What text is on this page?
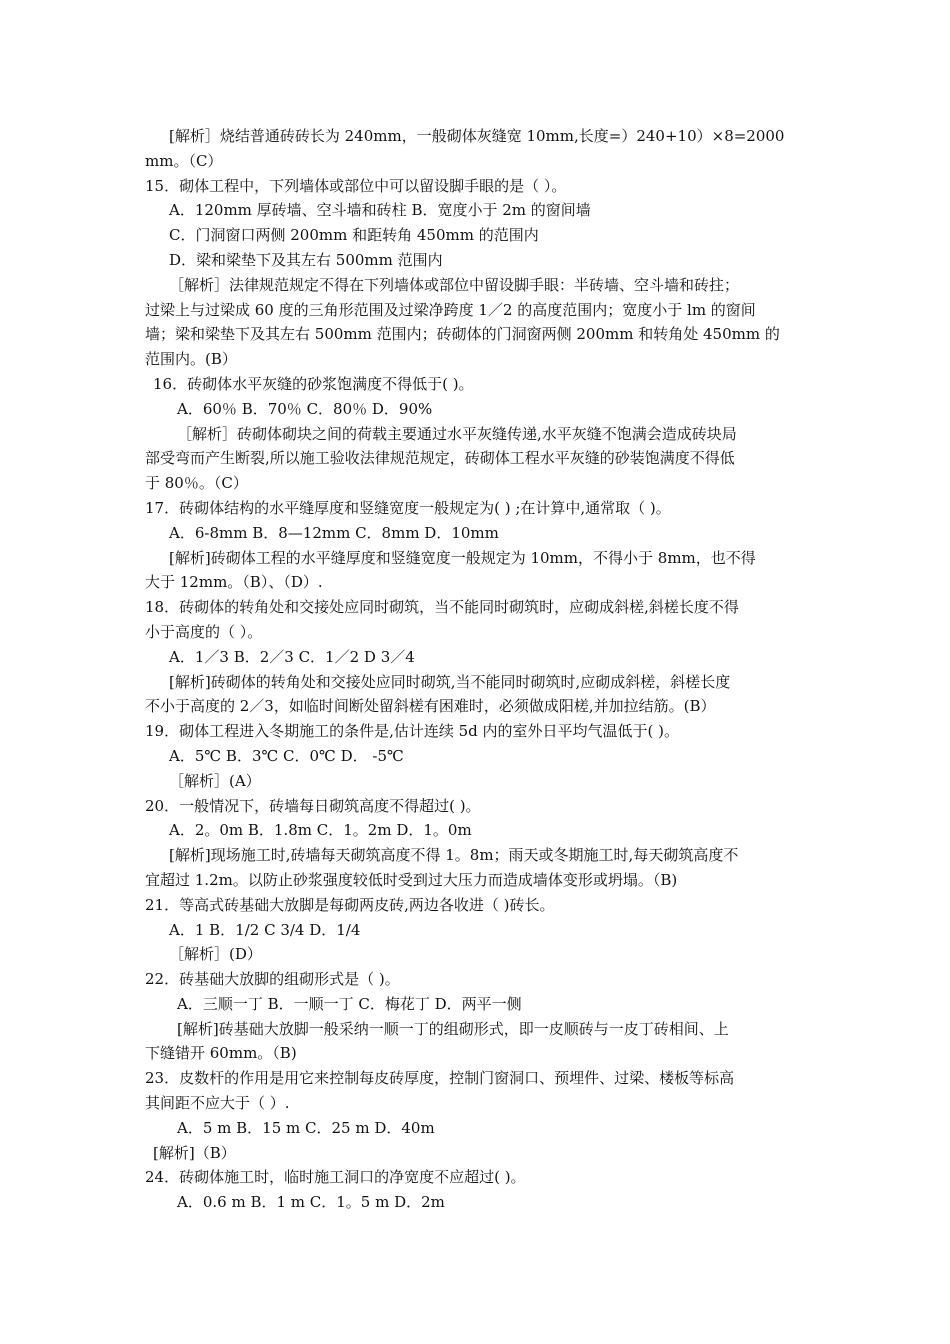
[解析］烧结普通砖砖长为 240mm，一般砌体灰缝宽 10mm,长度=）240+10）×8=2000
mm。（C）
15．砌体工程中，下列墙体或部位中可以留设脚手眼的是（ ）。
A．120mm 厚砖墙、空斗墙和砖柱 B．宽度小于 2m 的窗间墙
C．门洞窗口两侧 200mm 和距转角 450mm 的范围内
D．梁和梁垫下及其左右 500mm 范围内
［解析］法律规范规定不得在下列墙体或部位中留设脚手眼：半砖墙、空斗墙和砖拄；
过梁上与过梁成 60 度的三角形范围及过梁净跨度 1／2 的高度范围内；宽度小于 lm 的窗间
墙；梁和梁垫下及其左右 500mm 范围内；砖砌体的门洞窗两侧 200mm 和转角处 450mm 的
范围内。(B）
16．砖砌体水平灰缝的砂浆饱满度不得低于( )。
A．60％ B．70％ C．80％ D．90%
［解析］砖砌体砌块之间的荷载主要通过水平灰缝传递,水平灰缝不饱满会造成砖块局
部受弯而产生断裂,所以施工验收法律规范规定，砖砌体工程水平灰缝的砂装饱满度不得低
于 80％。（C）
17．砖砌体结构的水平缝厚度和竖缝宽度一般规定为( ) ;在计算中,通常取（ )。
A．6-8mm B．8—12mm C．8mm D．10mm
[解析]砖砌体工程的水平缝厚度和竖缝宽度一般规定为 10mm，不得小于 8mm，也不得
大于 12mm。（B）、（D）.
18．砖砌体的转角处和交接处应同时砌筑，当不能同时砌筑时，应砌成斜槎,斜槎长度不得
小于高度的（ ）。
A．1／3 B．2／3 C．1／2 D 3／4
[解析]砖砌体的转角处和交接处应同时砌筑,当不能同时砌筑时,应砌成斜槎，斜槎长度
不小于高度的 2／3，如临时间断处留斜槎有困难时，必须做成阳槎,并加拉结筋。(B）
19．砌体工程进入冬期施工的条件是,估计连续 5d 内的室外日平均气温低于( )。
A．5℃ B．3℃ C．0℃ D． -5℃
［解析］(A）
20．一般情况下，砖墙每日砌筑高度不得超过( )。
A．2。0m B．1.8m C．1。2m D．1。0m
[解析]现场施工时,砖墙每天砌筑高度不得 1。8m；雨天或冬期施工时,每天砌筑高度不
宜超过 1.2m。以防止砂浆强度较低时受到过大压力而造成墙体变形或坍塌。（B)
21．等高式砖基础大放脚是每砌两皮砖,两边各收进（ )砖长。
A．1 B．1/2 C 3/4 D．1/4
［解析］(D）
22．砖基础大放脚的组砌形式是（ )。
A．三顺一丁 B．一顺一丁 C．梅花丁 D．两平一侧
[解析]砖基础大放脚一般采纳一顺一丁的组砌形式，即一皮顺砖与一皮丁砖相间、上
下缝错开 60mm。（B)
23．皮数杆的作用是用它来控制每皮砖厚度，控制门窗洞口、预埋件、过梁、楼板等标高
其间距不应大于（ ）.
A．5 m B．15 m C．25 m D．40m
[解析]（B）
24．砖砌体施工时，临时施工洞口的净宽度不应超过( )。
A．0.6 m B．1 m C．1。5 m D．2m
